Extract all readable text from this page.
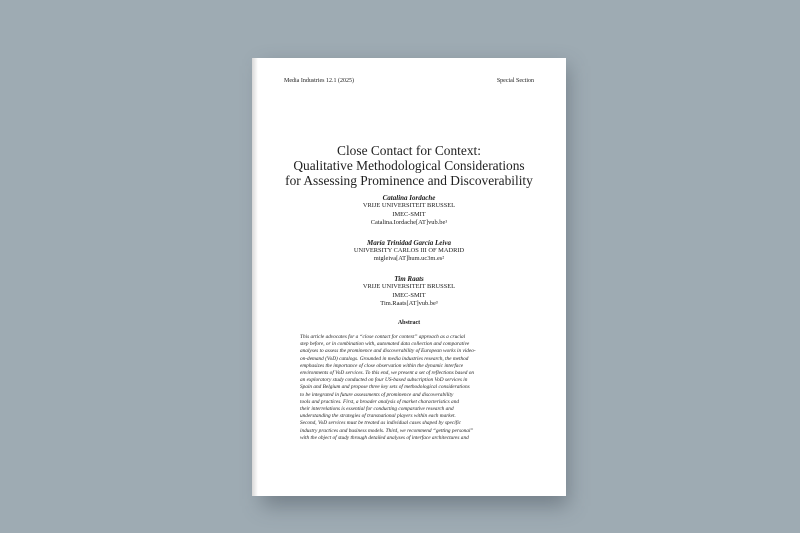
Media Industries 12.1 (2025)	Special Section
Close Contact for Context:
Qualitative Methodological Considerations
for Assessing Prominence and Discoverability
Catalina Iordache
VRIJE UNIVERSITEIT BRUSSEL
IMEC-SMIT
Catalina.Iordache[AT]vub.be¹
María Trinidad García Leiva
UNIVERSITY CARLOS III OF MADRID
mtgleiva[AT]hum.uc3m.es²
Tim Raats
VRIJE UNIVERSITEIT BRUSSEL
IMEC-SMIT
Tim.Raats[AT]vub.be³
Abstract
This article advocates for a “close contact for context” approach as a crucial
step before, or in combination with, automated data collection and comparative
analyses to assess the prominence and discoverability of European works in video-
on-demand (VoD) catalogs. Grounded in media industries research, the method
emphasizes the importance of close observation within the dynamic interface
environments of VoD services. To this end, we present a set of reflections based on
an exploratory study conducted on four US-based subscription VoD services in
Spain and Belgium and propose three key sets of methodological considerations
to be integrated in future assessments of prominence and discoverability
tools and practices. First, a broader analysis of market characteristics and
their interrelations is essential for conducting comparative research and
understanding the strategies of transnational players within each market.
Second, VoD services must be treated as individual cases shaped by specific
industry practices and business models. Third, we recommend “getting personal”
with the object of study through detailed analyses of interface architectures and
